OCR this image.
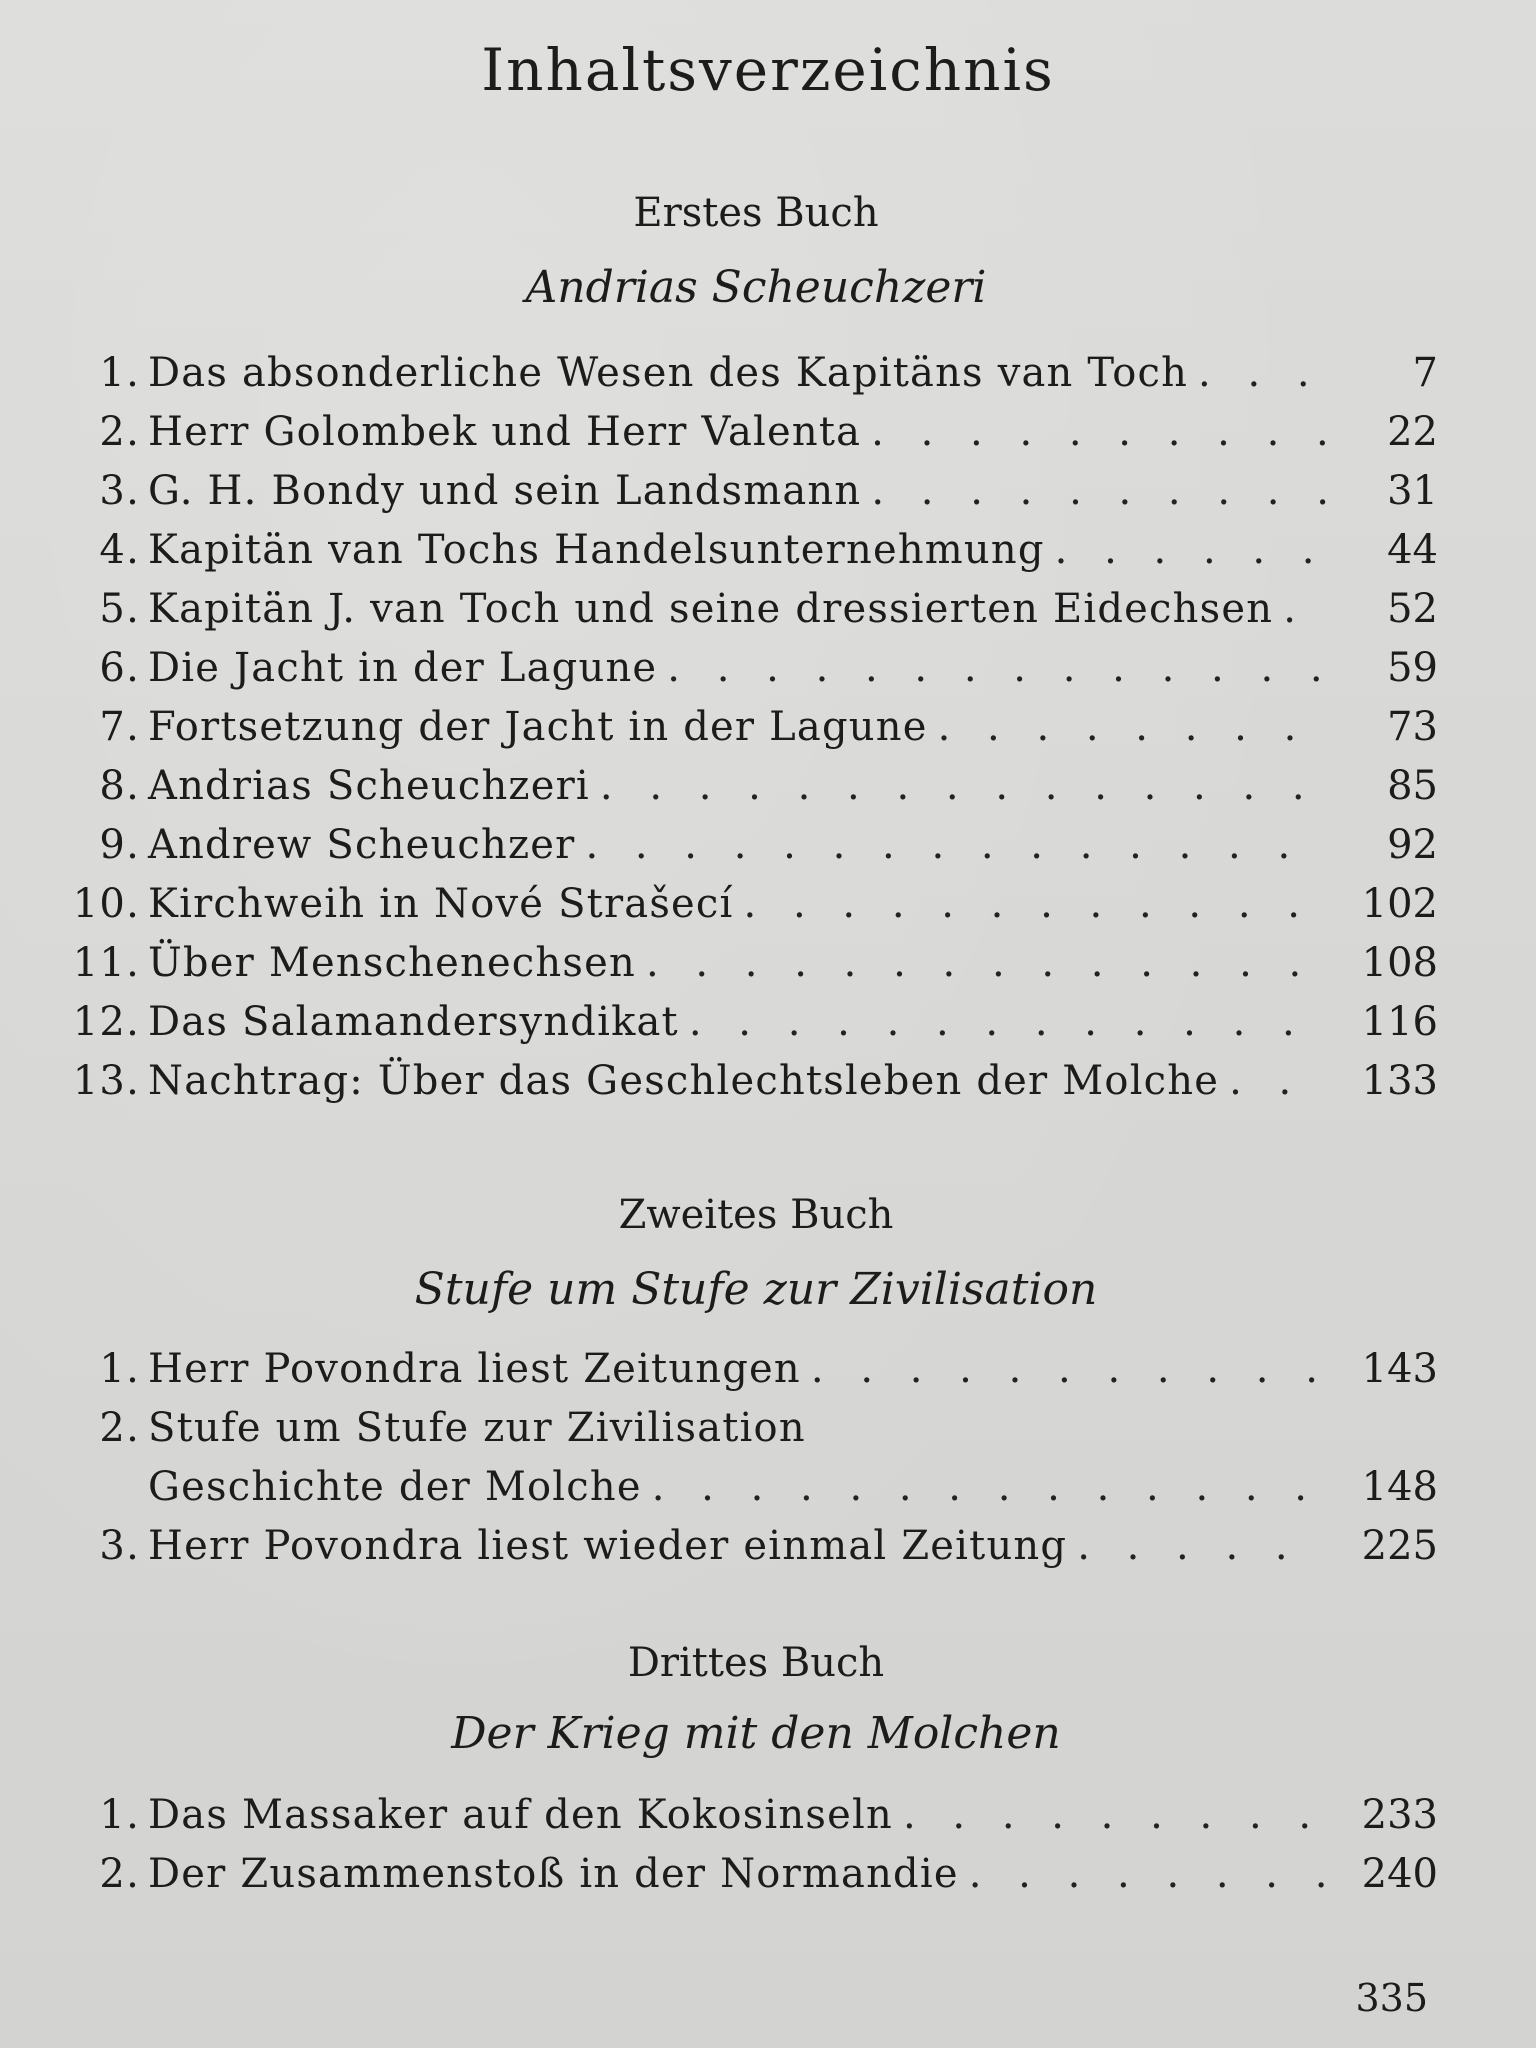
Inhaltsverzeichnis
Erstes Buch
Andrias Scheuchzeri
1. Das absonderliche Wesen des Kapitäns van Toch . . .	7
2. Herr Golombek und Herr Valenta . . .	22
3. G. H. Bondy und sein Landsmann . . .	31
4. Kapitän van Tochs Handelsunternehmung . . .	44
5. Kapitän J. van Toch und seine dressierten Eidechsen . . .	52
6. Die Jacht in der Lagune . . .	59
7. Fortsetzung der Jacht in der Lagune . . .	73
8. Andrias Scheuchzeri . . .	85
9. Andrew Scheuchzer . . .	92
10. Kirchweih in Nové Strašecí . . .	102
11. Über Menschenechsen . . .	108
12. Das Salamandersyndikat . . .	116
13. Nachtrag: Über das Geschlechtsleben der Molche . . .	133
Zweites Buch
Stufe um Stufe zur Zivilisation
1. Herr Povondra liest Zeitungen . . .	143
2. Stufe um Stufe zur Zivilisation
Geschichte der Molche . . .	148
3. Herr Povondra liest wieder einmal Zeitung . . .	225
Drittes Buch
Der Krieg mit den Molchen
1. Das Massaker auf den Kokosinseln . . .	233
2. Der Zusammenstoß in der Normandie . . .	240
335
